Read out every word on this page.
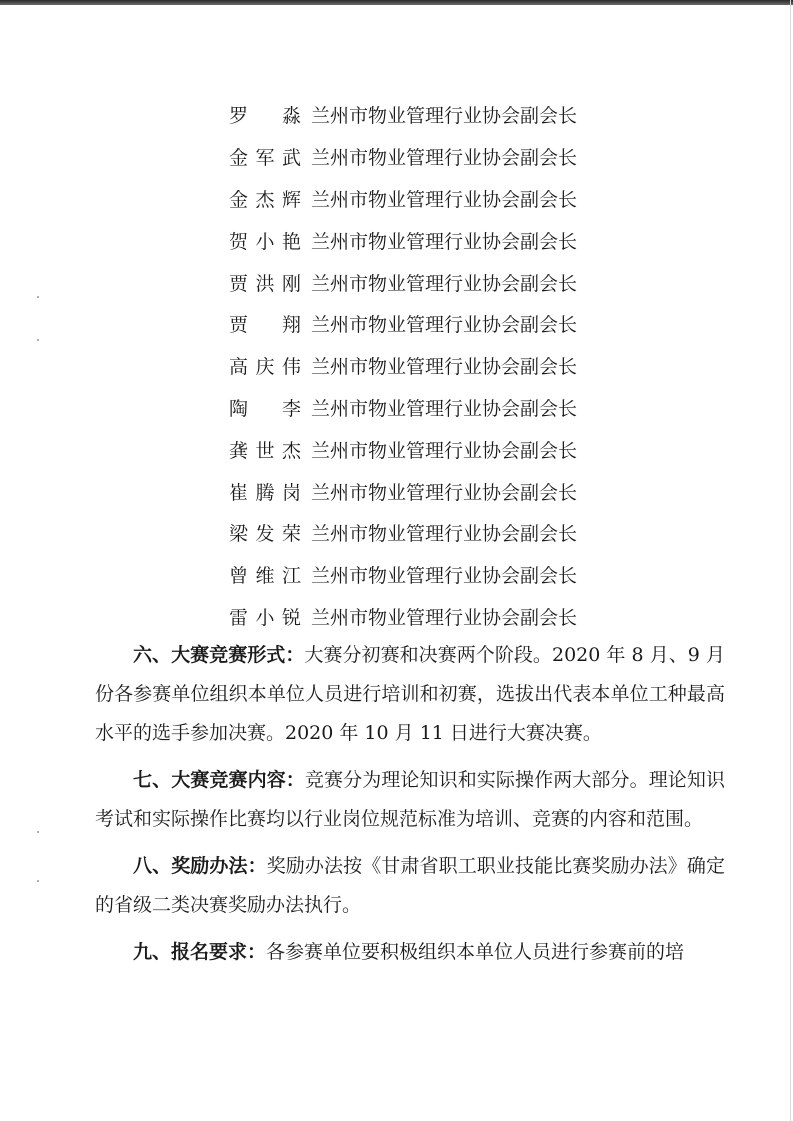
罗 淼 兰州市物业管理行业协会副会长
金军武 兰州市物业管理行业协会副会长
金杰辉 兰州市物业管理行业协会副会长
贺小艳 兰州市物业管理行业协会副会长
贾洪刚 兰州市物业管理行业协会副会长
贾 翔 兰州市物业管理行业协会副会长
高庆伟 兰州市物业管理行业协会副会长
陶 李 兰州市物业管理行业协会副会长
龚世杰 兰州市物业管理行业协会副会长
崔腾岗 兰州市物业管理行业协会副会长
梁发荣 兰州市物业管理行业协会副会长
曾维江 兰州市物业管理行业协会副会长
雷小锐 兰州市物业管理行业协会副会长

六、大赛竞赛形式：大赛分初赛和决赛两个阶段。2020 年 8 月、9 月份各参赛单位组织本单位人员进行培训和初赛，选拔出代表本单位工种最高水平的选手参加决赛。2020 年 10 月 11 日进行大赛决赛。

七、大赛竞赛内容：竞赛分为理论知识和实际操作两大部分。理论知识考试和实际操作比赛均以行业岗位规范标准为培训、竞赛的内容和范围。

八、奖励办法：奖励办法按《甘肃省职工职业技能比赛奖励办法》确定的省级二类决赛奖励办法执行。

九、报名要求：各参赛单位要积极组织本单位人员进行参赛前的培
